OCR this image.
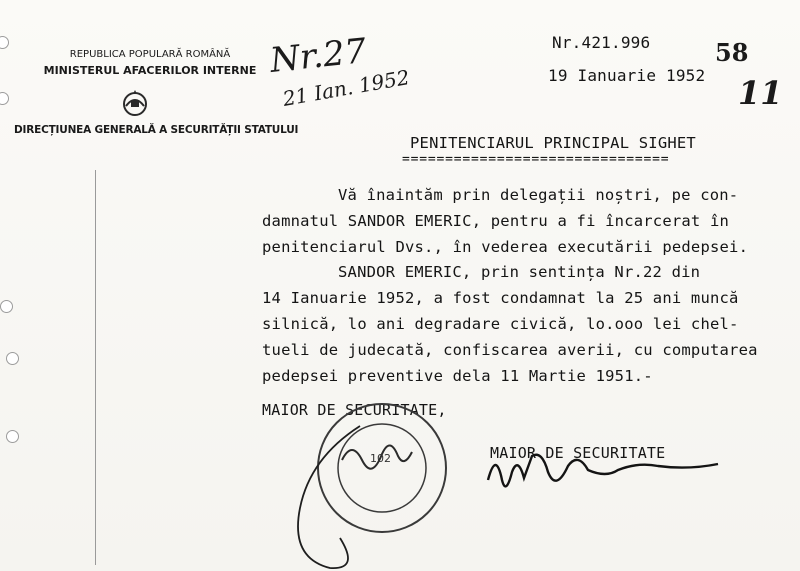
REPUBLICA POPULARĂ ROMÂNĂ
MINISTERUL AFACERILOR INTERNE
DIRECȚIUNEA GENERALĂ A SECURITĂȚII STATULUI
Nr.27
21 Ian. 1952
Nr.421.996	58
19 Ianuarie 1952 11
PENITENCIARUL PRINCIPAL SIGHET
===============================
Vă înaintăm prin delegații noștri, pe con-
damnatul SANDOR EMERIC, pentru a fi încarcerat în
penitenciarul Dvs., în vederea executării pedepsei.
SANDOR EMERIC, prin sentința Nr.22 din
14 Ianuarie 1952, a fost condamnat la 25 ani muncă
silnică, lo ani degradare civică, lo.ooo lei chel-
tueli de judecată, confiscarea averii, cu computarea
pedepsei preventive dela 11 Martie 1951.-
MAIOR DE SECURITATE,
102	MAIOR DE SECURITATE
